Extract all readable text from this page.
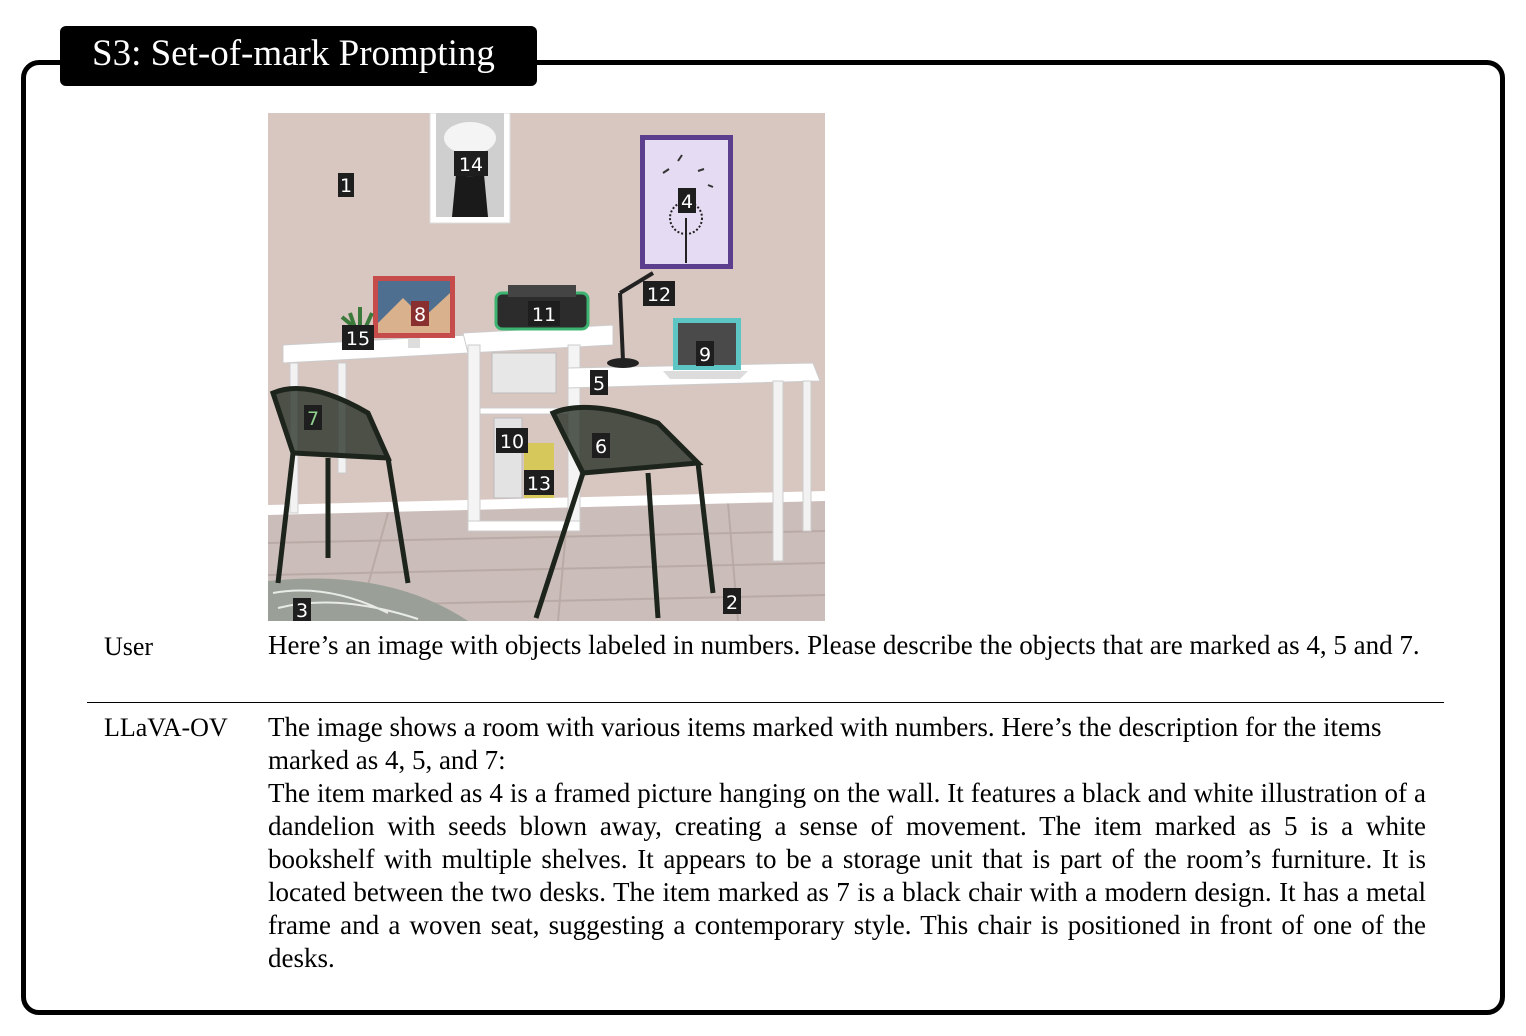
S3: Set-of-mark Prompting
1
2
3
4
5
6
7
8
9
10
11
12
13
14
15
User	Here’s an image with objects labeled in numbers. Please describe the objects that are marked as 4, 5 and 7.

LLaVA-OV The image shows a room with various items marked with numbers. Here’s the description for the items marked as 4, 5, and 7:

The item marked as 4 is a framed picture hanging on the wall. It features a black and white illustration of a dandelion with seeds blown away, creating a sense of movement. The item marked as 5 is a white bookshelf with multiple shelves. It appears to be a storage unit that is part of the room’s furniture. It is located between the two desks. The item marked as 7 is a black chair with a modern design. It has a metal frame and a woven seat, suggesting a contemporary style. This chair is positioned in front of one of the desks.
